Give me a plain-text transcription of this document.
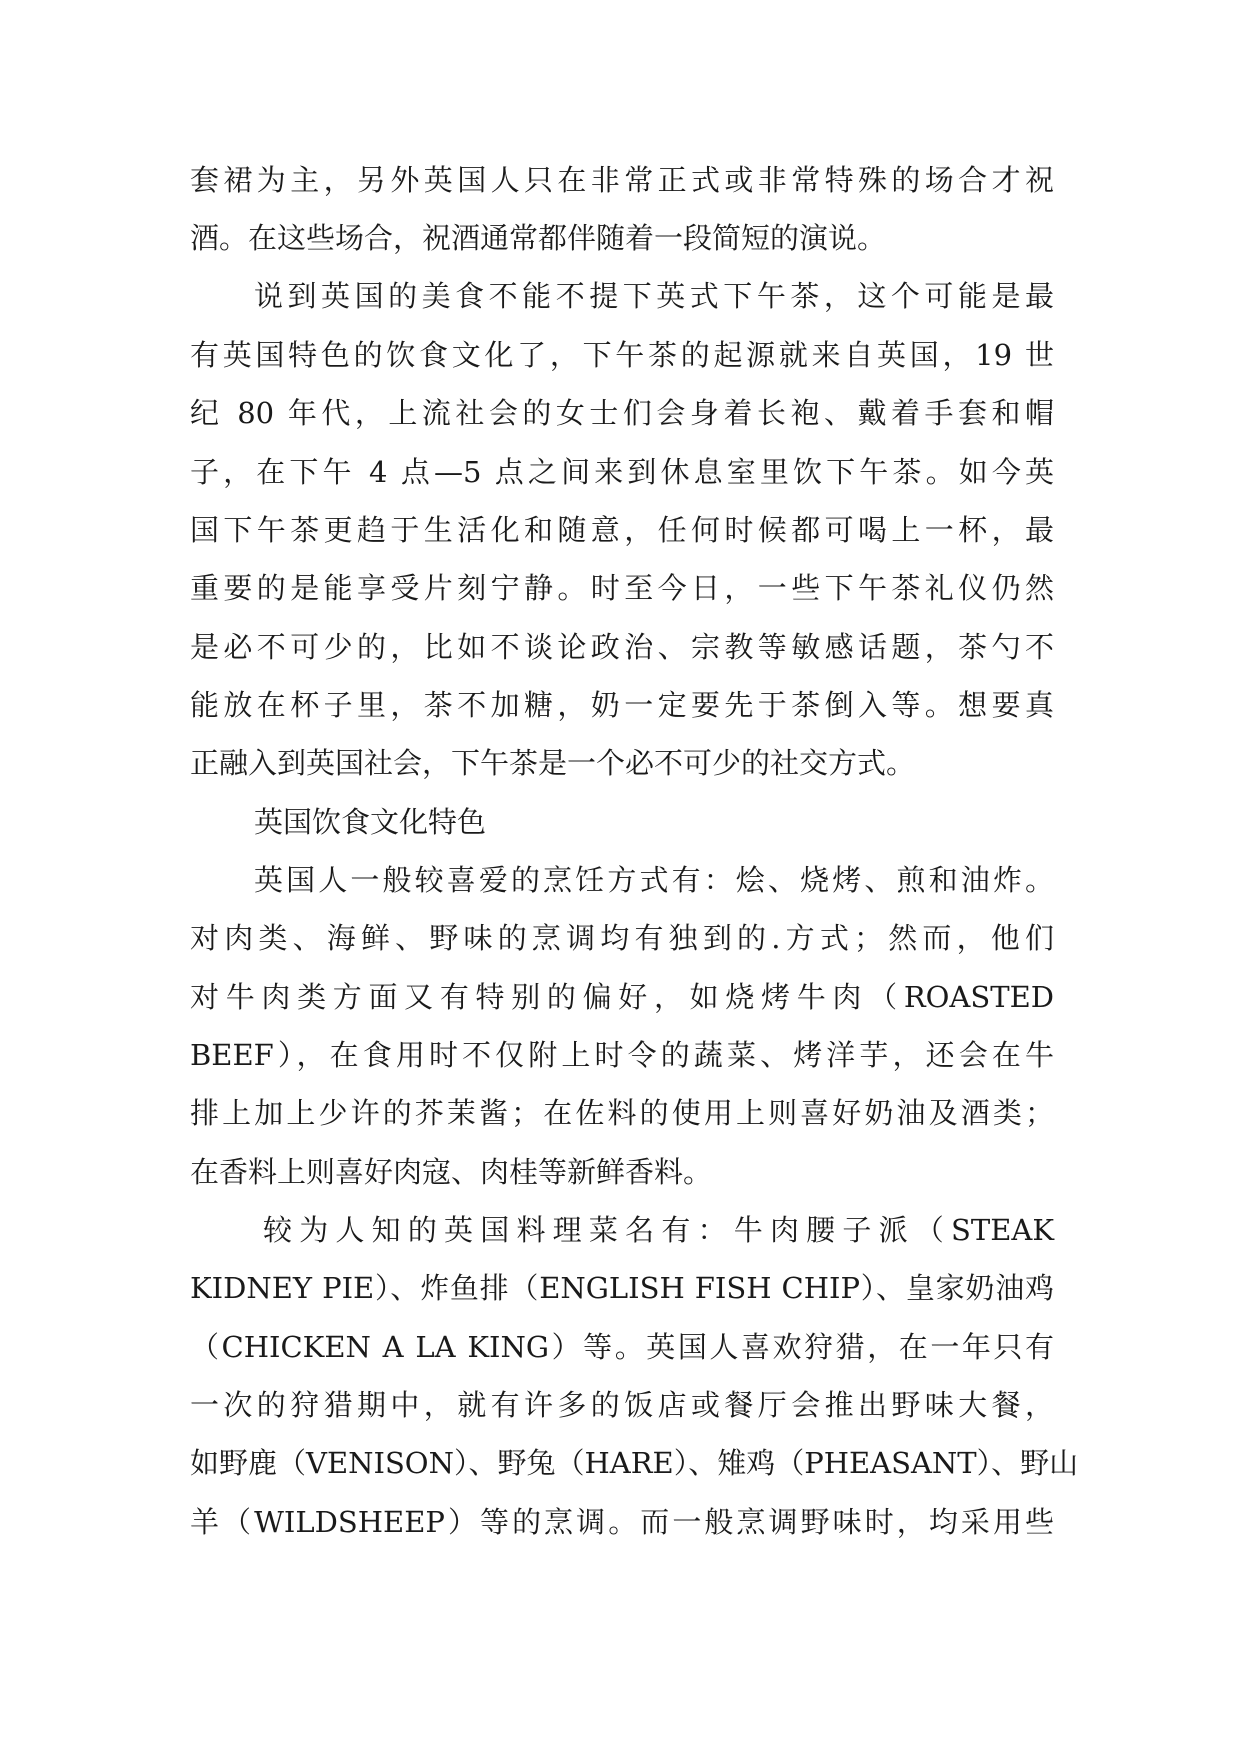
套裙为主，另外英国人只在非常正式或非常特殊的场合才祝
酒。在这些场合，祝酒通常都伴随着一段简短的演说。
说到英国的美食不能不提下英式下午茶，这个可能是最
有英国特色的饮食文化了，下午茶的起源就来自英国，19 世
纪 80 年代，上流社会的女士们会身着长袍、戴着手套和帽
子，在下午 4 点—5 点之间来到休息室里饮下午茶。如今英
国下午茶更趋于生活化和随意，任何时候都可喝上一杯，最
重要的是能享受片刻宁静。时至今日，一些下午茶礼仪仍然
是必不可少的，比如不谈论政治、宗教等敏感话题，茶勺不
能放在杯子里，茶不加糖，奶一定要先于茶倒入等。想要真
正融入到英国社会，下午茶是一个必不可少的社交方式。
英国饮食文化特色
英国人一般较喜爱的烹饪方式有：烩、烧烤、煎和油炸。
对肉类、海鲜、野味的烹调均有独到的.方式；然而，他们
对牛肉类方面又有特别的偏好，如烧烤牛肉（ROASTED
BEEF），在食用时不仅附上时令的蔬菜、烤洋芋，还会在牛
排上加上少许的芥茉酱；在佐料的使用上则喜好奶油及酒类；
在香料上则喜好肉寇、肉桂等新鲜香料。
较为人知的英国料理菜名有：牛肉腰子派（STEAK
KIDNEY PIE）、炸鱼排（ENGLISH FISH CHIP）、皇家奶油鸡
（CHICKEN A LA KING）等。英国人喜欢狩猎，在一年只有
一次的狩猎期中，就有许多的饭店或餐厅会推出野味大餐，
如野鹿（VENISON）、野兔（HARE）、雉鸡（PHEASANT）、野山
羊（WILDSHEEP）等的烹调。而一般烹调野味时，均采用些
